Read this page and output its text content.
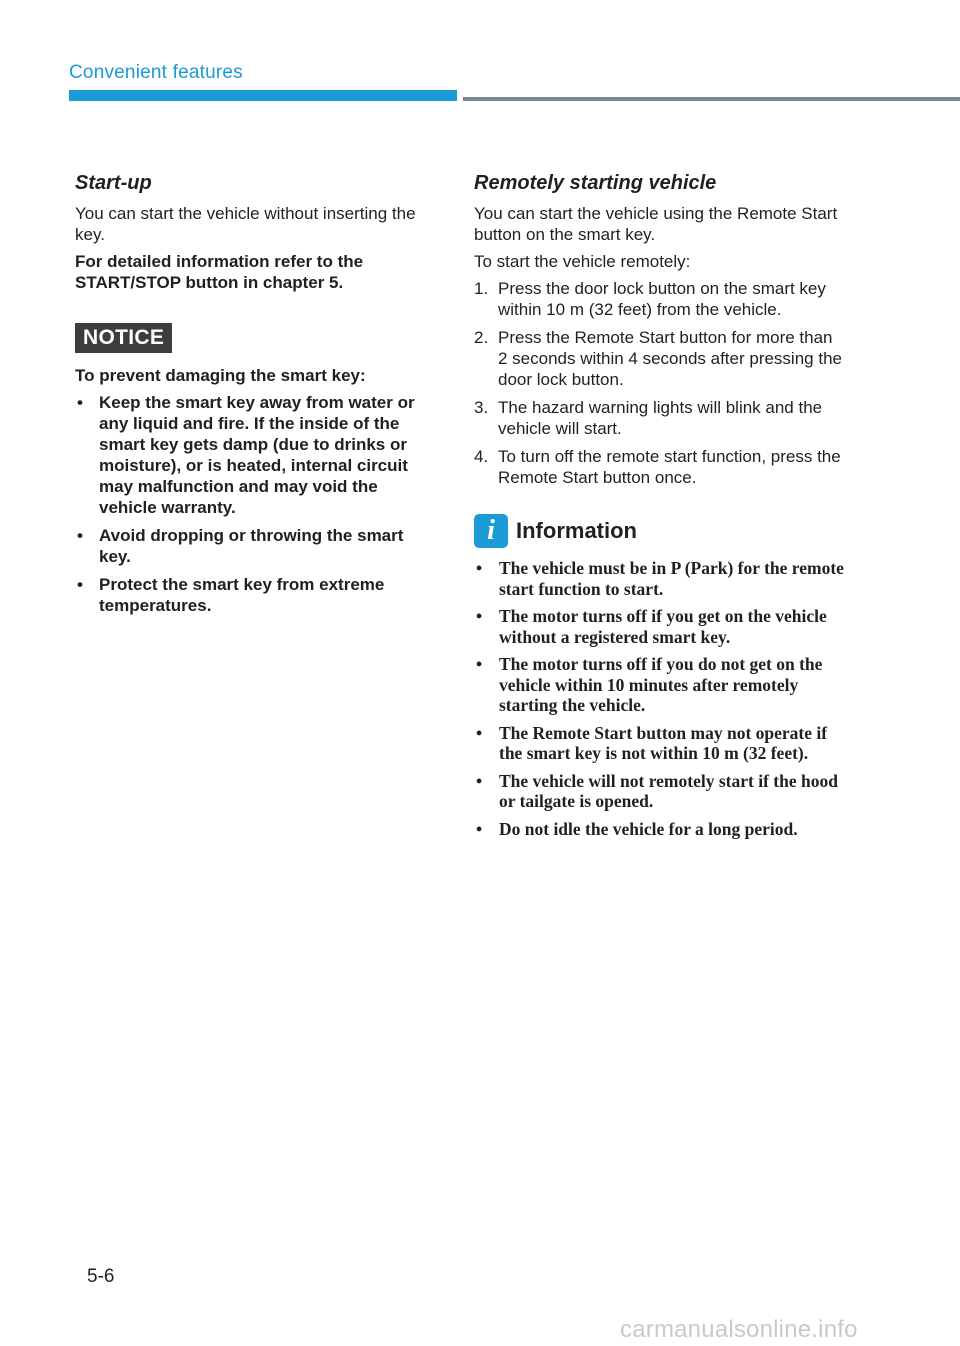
Convenient features
Start-up

You can start the vehicle without inserting the key.

For detailed information refer to the START/STOP button in chapter 5.

NOTICE

To prevent damaging the smart key:

• Keep the smart key away from water or any liquid and fire. If the inside of the smart key gets damp (due to drinks or moisture), or is heated, internal circuit may malfunction and may void the vehicle warranty.
• Avoid dropping or throwing the smart key.
• Protect the smart key from extreme temperatures.
Remotely starting vehicle

You can start the vehicle using the Remote Start button on the smart key.

To start the vehicle remotely:

1. Press the door lock button on the smart key within 10 m (32 feet) from the vehicle.
2. Press the Remote Start button for more than 2 seconds within 4 seconds after pressing the door lock button.
3. The hazard warning lights will blink and the vehicle will start.
4. To turn off the remote start function, press the Remote Start button once.
i Information
• The vehicle must be in P (Park) for the remote start function to start.
• The motor turns off if you get on the vehicle without a registered smart key.
• The motor turns off if you do not get on the vehicle within 10 minutes after remotely starting the vehicle.
• The Remote Start button may not operate if the smart key is not within 10 m (32 feet).
• The vehicle will not remotely start if the hood or tailgate is opened.
• Do not idle the vehicle for a long period.
5-6
carmanualsonline.info
